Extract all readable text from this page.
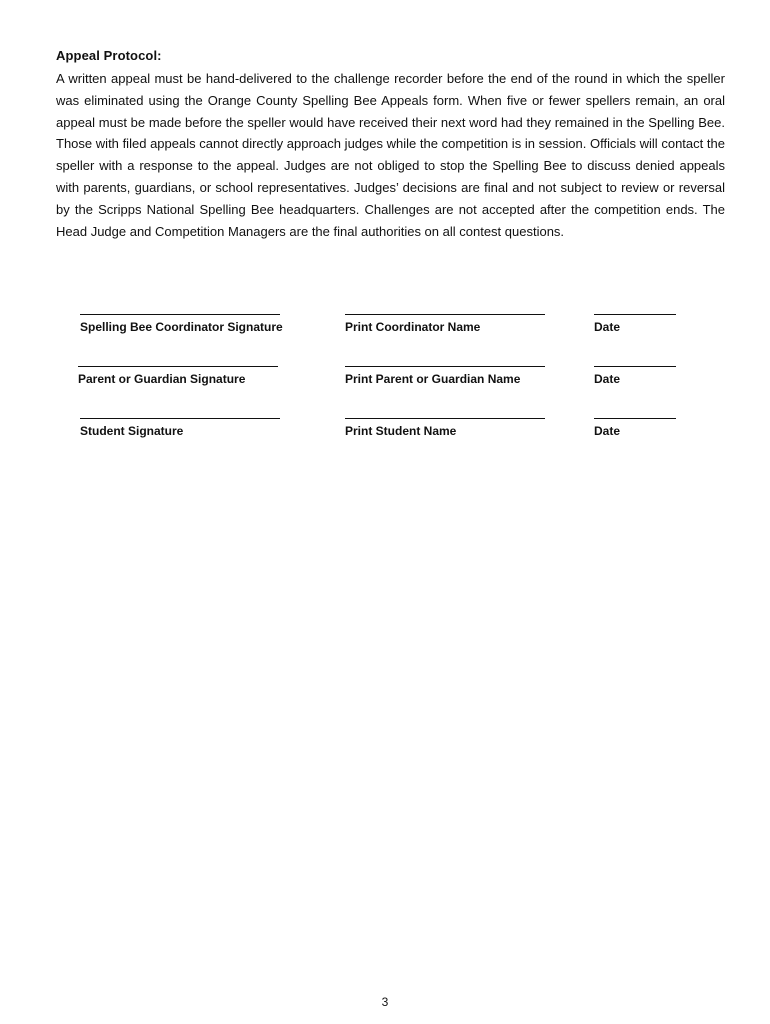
Appeal Protocol:
A written appeal must be hand-delivered to the challenge recorder before the end of the round in which the speller was eliminated using the Orange County Spelling Bee Appeals form. When five or fewer spellers remain, an oral appeal must be made before the speller would have received their next word had they remained in the Spelling Bee. Those with filed appeals cannot directly approach judges while the competition is in session. Officials will contact the speller with a response to the appeal. Judges are not obliged to stop the Spelling Bee to discuss denied appeals with parents, guardians, or school representatives. Judges’ decisions are final and not subject to review or reversal by the Scripps National Spelling Bee headquarters. Challenges are not accepted after the competition ends. The Head Judge and Competition Managers are the final authorities on all contest questions.
Spelling Bee Coordinator Signature	Print Coordinator Name	Date
Parent or Guardian Signature	Print Parent or Guardian Name	Date
Student Signature	Print Student Name	Date
3
